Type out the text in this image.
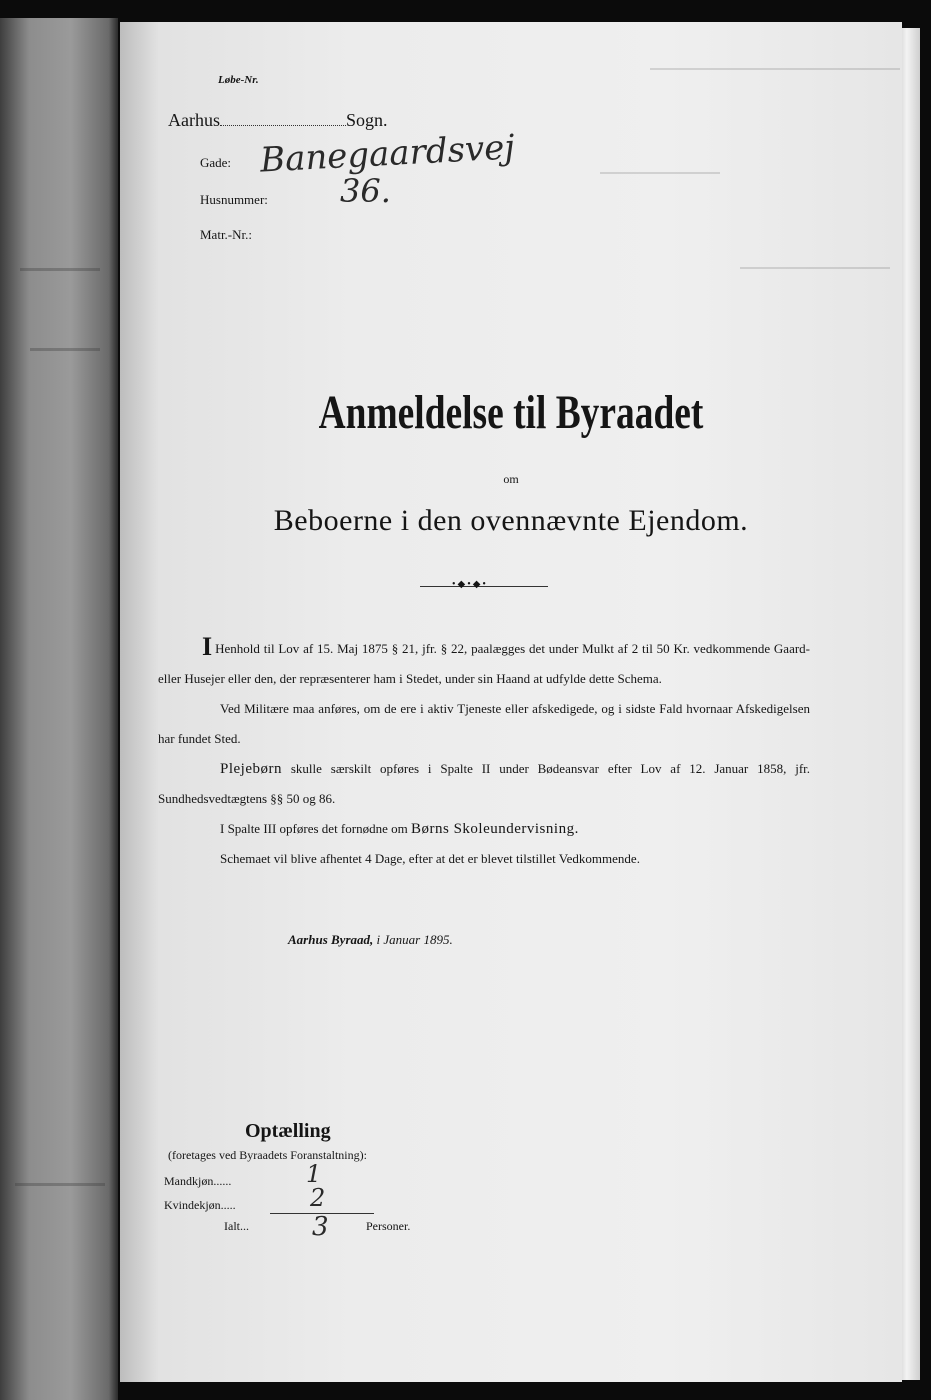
Løbe-Nr.
Aarhus	Sogn.
Gade: Banegaardsvej
Husnummer: 36.
Matr.-Nr.:
Anmeldelse til Byraadet
om
Beboerne i den ovennævnte Ejendom.
•◆•◆•

I Henhold til Lov af 15. Maj 1875 § 21, jfr. § 22, paalægges det under Mulkt af 2 til 50 Kr. vedkommende Gaard- eller Husejer eller den, der repræsenterer ham i Stedet, under sin Haand at udfylde dette Schema.

Ved Militære maa anføres, om de ere i aktiv Tjeneste eller afskedigede, og i sidste Fald hvornaar Afskedigelsen har fundet Sted.

Plejebørn skulle særskilt opføres i Spalte II under Bødeansvar efter Lov af 12. Januar 1858, jfr. Sundhedsvedtægtens §§ 50 og 86.

I Spalte III opføres det fornødne om Børns Skoleundervisning.

Schemaet vil blive afhentet 4 Dage, efter at det er blevet tilstillet Vedkommende.

Aarhus Byraad, i Januar 1895.
Optælling
(foretages ved Byraadets Foranstaltning):
Mandkjøn......	1
Kvindekjøn.....	2
Ialt... 3	Personer.
